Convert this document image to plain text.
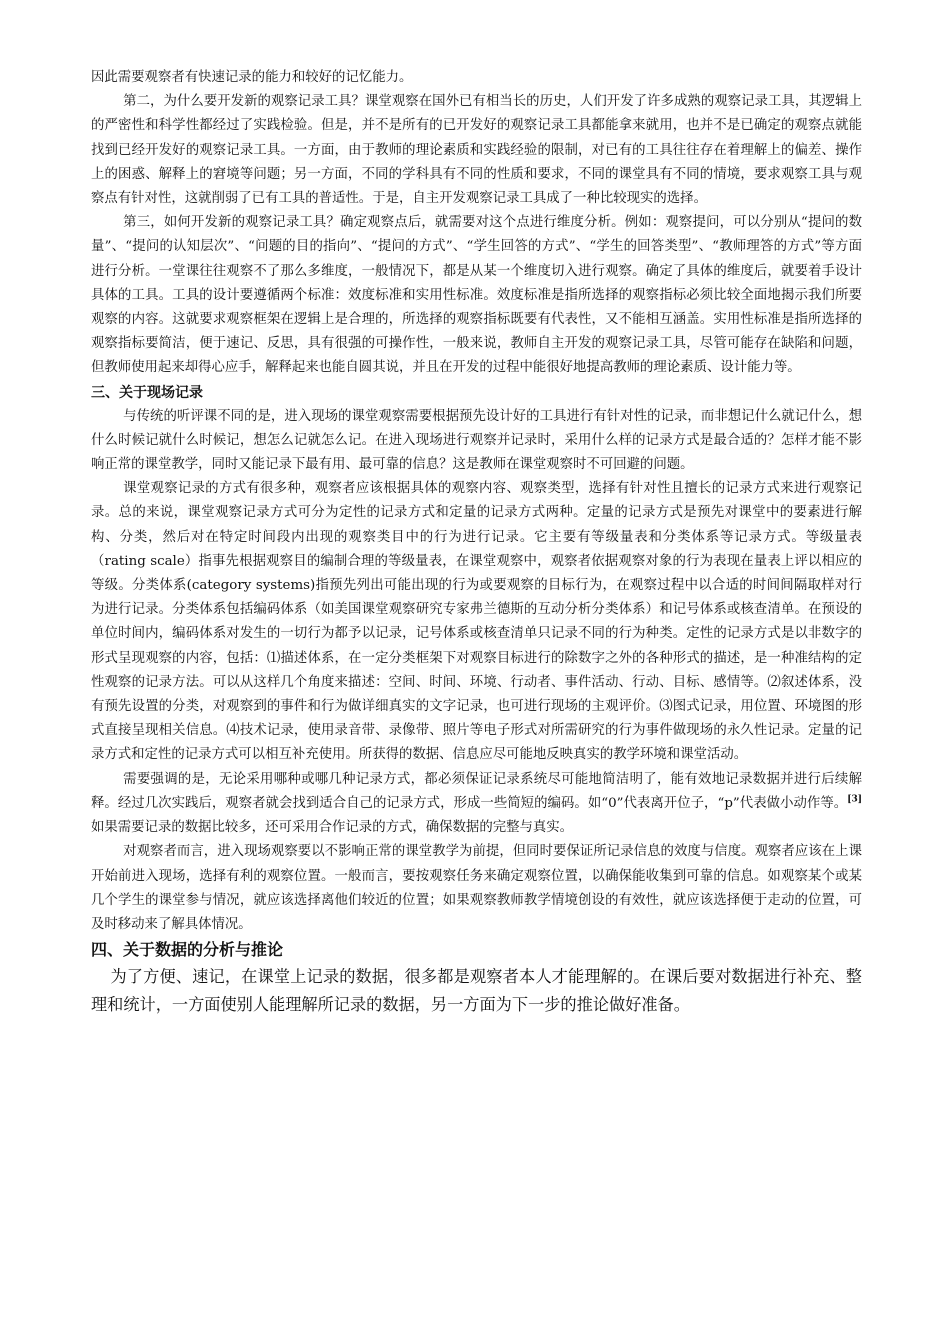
因此需要观察者有快速记录的能力和较好的记忆能力。

第二，为什么要开发新的观察记录工具？课堂观察在国外已有相当长的历史，人们开发了许多成熟的观察记录工具，其逻辑上的严密性和科学性都经过了实践检验。但是，并不是所有的已开发好的观察记录工具都能拿来就用，也并不是已确定的观察点就能找到已经开发好的观察记录工具。一方面，由于教师的理论素质和实践经验的限制，对已有的工具往往存在着理解上的偏差、操作上的困惑、解释上的窘境等问题；另一方面，不同的学科具有不同的性质和要求，不同的课堂具有不同的情境，要求观察工具与观察点有针对性，这就削弱了已有工具的普适性。于是，自主开发观察记录工具成了一种比较现实的选择。

第三，如何开发新的观察记录工具？确定观察点后，就需要对这个点进行维度分析。例如：观察提问，可以分别从“提问的数量”、“提问的认知层次”、“问题的目的指向”、“提问的方式”、“学生回答的方式”、“学生的回答类型”、“教师理答的方式”等方面进行分析。一堂课往往观察不了那么多维度，一般情况下，都是从某一个维度切入进行观察。确定了具体的维度后，就要着手设计具体的工具。工具的设计要遵循两个标准：效度标准和实用性标准。效度标准是指所选择的观察指标必须比较全面地揭示我们所要观察的内容。这就要求观察框架在逻辑上是合理的，所选择的观察指标既要有代表性，又不能相互涵盖。实用性标准是指所选择的观察指标要简洁，便于速记、反思，具有很强的可操作性，一般来说，教师自主开发的观察记录工具，尽管可能存在缺陷和问题，但教师使用起来却得心应手，解释起来也能自圆其说，并且在开发的过程中能很好地提高教师的理论素质、设计能力等。

三、关于现场记录

与传统的听评课不同的是，进入现场的课堂观察需要根据预先设计好的工具进行有针对性的记录，而非想记什么就记什么，想什么时候记就什么时候记，想怎么记就怎么记。在进入现场进行观察并记录时，采用什么样的记录方式是最合适的？怎样才能不影响正常的课堂教学，同时又能记录下最有用、最可靠的信息？这是教师在课堂观察时不可回避的问题。

课堂观察记录的方式有很多种，观察者应该根据具体的观察内容、观察类型，选择有针对性且擅长的记录方式来进行观察记录。总的来说，课堂观察记录方式可分为定性的记录方式和定量的记录方式两种。定量的记录方式是预先对课堂中的要素进行解构、分类，然后对在特定时间段内出现的观察类目中的行为进行记录。它主要有等级量表和分类体系等记录方式。等级量表（rating scale）指事先根据观察目的编制合理的等级量表，在课堂观察中，观察者依据观察对象的行为表现在量表上评以相应的等级。分类体系(category systems)指预先列出可能出现的行为或要观察的目标行为，在观察过程中以合适的时间间隔取样对行为进行记录。分类体系包括编码体系（如美国课堂观察研究专家弗兰德斯的互动分析分类体系）和记号体系或核查清单。在预设的单位时间内，编码体系对发生的一切行为都予以记录，记号体系或核查清单只记录不同的行为种类。定性的记录方式是以非数字的形式呈现观察的内容，包括：⑴描述体系，在一定分类框架下对观察目标进行的除数字之外的各种形式的描述，是一种准结构的定性观察的记录方法。可以从这样几个角度来描述：空间、时间、环境、行动者、事件活动、行动、目标、感情等。⑵叙述体系，没有预先设置的分类，对观察到的事件和行为做详细真实的文字记录，也可进行现场的主观评价。⑶图式记录，用位置、环境图的形式直接呈现相关信息。⑷技术记录，使用录音带、录像带、照片等电子形式对所需研究的行为事件做现场的永久性记录。定量的记录方式和定性的记录方式可以相互补充使用。所获得的数据、信息应尽可能地反映真实的教学环境和课堂活动。

需要强调的是，无论采用哪种或哪几种记录方式，都必须保证记录系统尽可能地简洁明了，能有效地记录数据并进行后续解释。经过几次实践后，观察者就会找到适合自己的记录方式，形成一些简短的编码。如“0”代表离开位子，“p”代表做小动作等。[3]如果需要记录的数据比较多，还可采用合作记录的方式，确保数据的完整与真实。

对观察者而言，进入现场观察要以不影响正常的课堂教学为前提，但同时要保证所记录信息的效度与信度。观察者应该在上课开始前进入现场，选择有利的观察位置。一般而言，要按观察任务来确定观察位置，以确保能收集到可靠的信息。如观察某个或某几个学生的课堂参与情况，就应该选择离他们较近的位置；如果观察教师教学情境创设的有效性，就应该选择便于走动的位置，可及时移动来了解具体情况。

四、关于数据的分析与推论

为了方便、速记，在课堂上记录的数据，很多都是观察者本人才能理解的。在课后要对数据进行补充、整理和统计，一方面使别人能理解所记录的数据，另一方面为下一步的推论做好准备。
